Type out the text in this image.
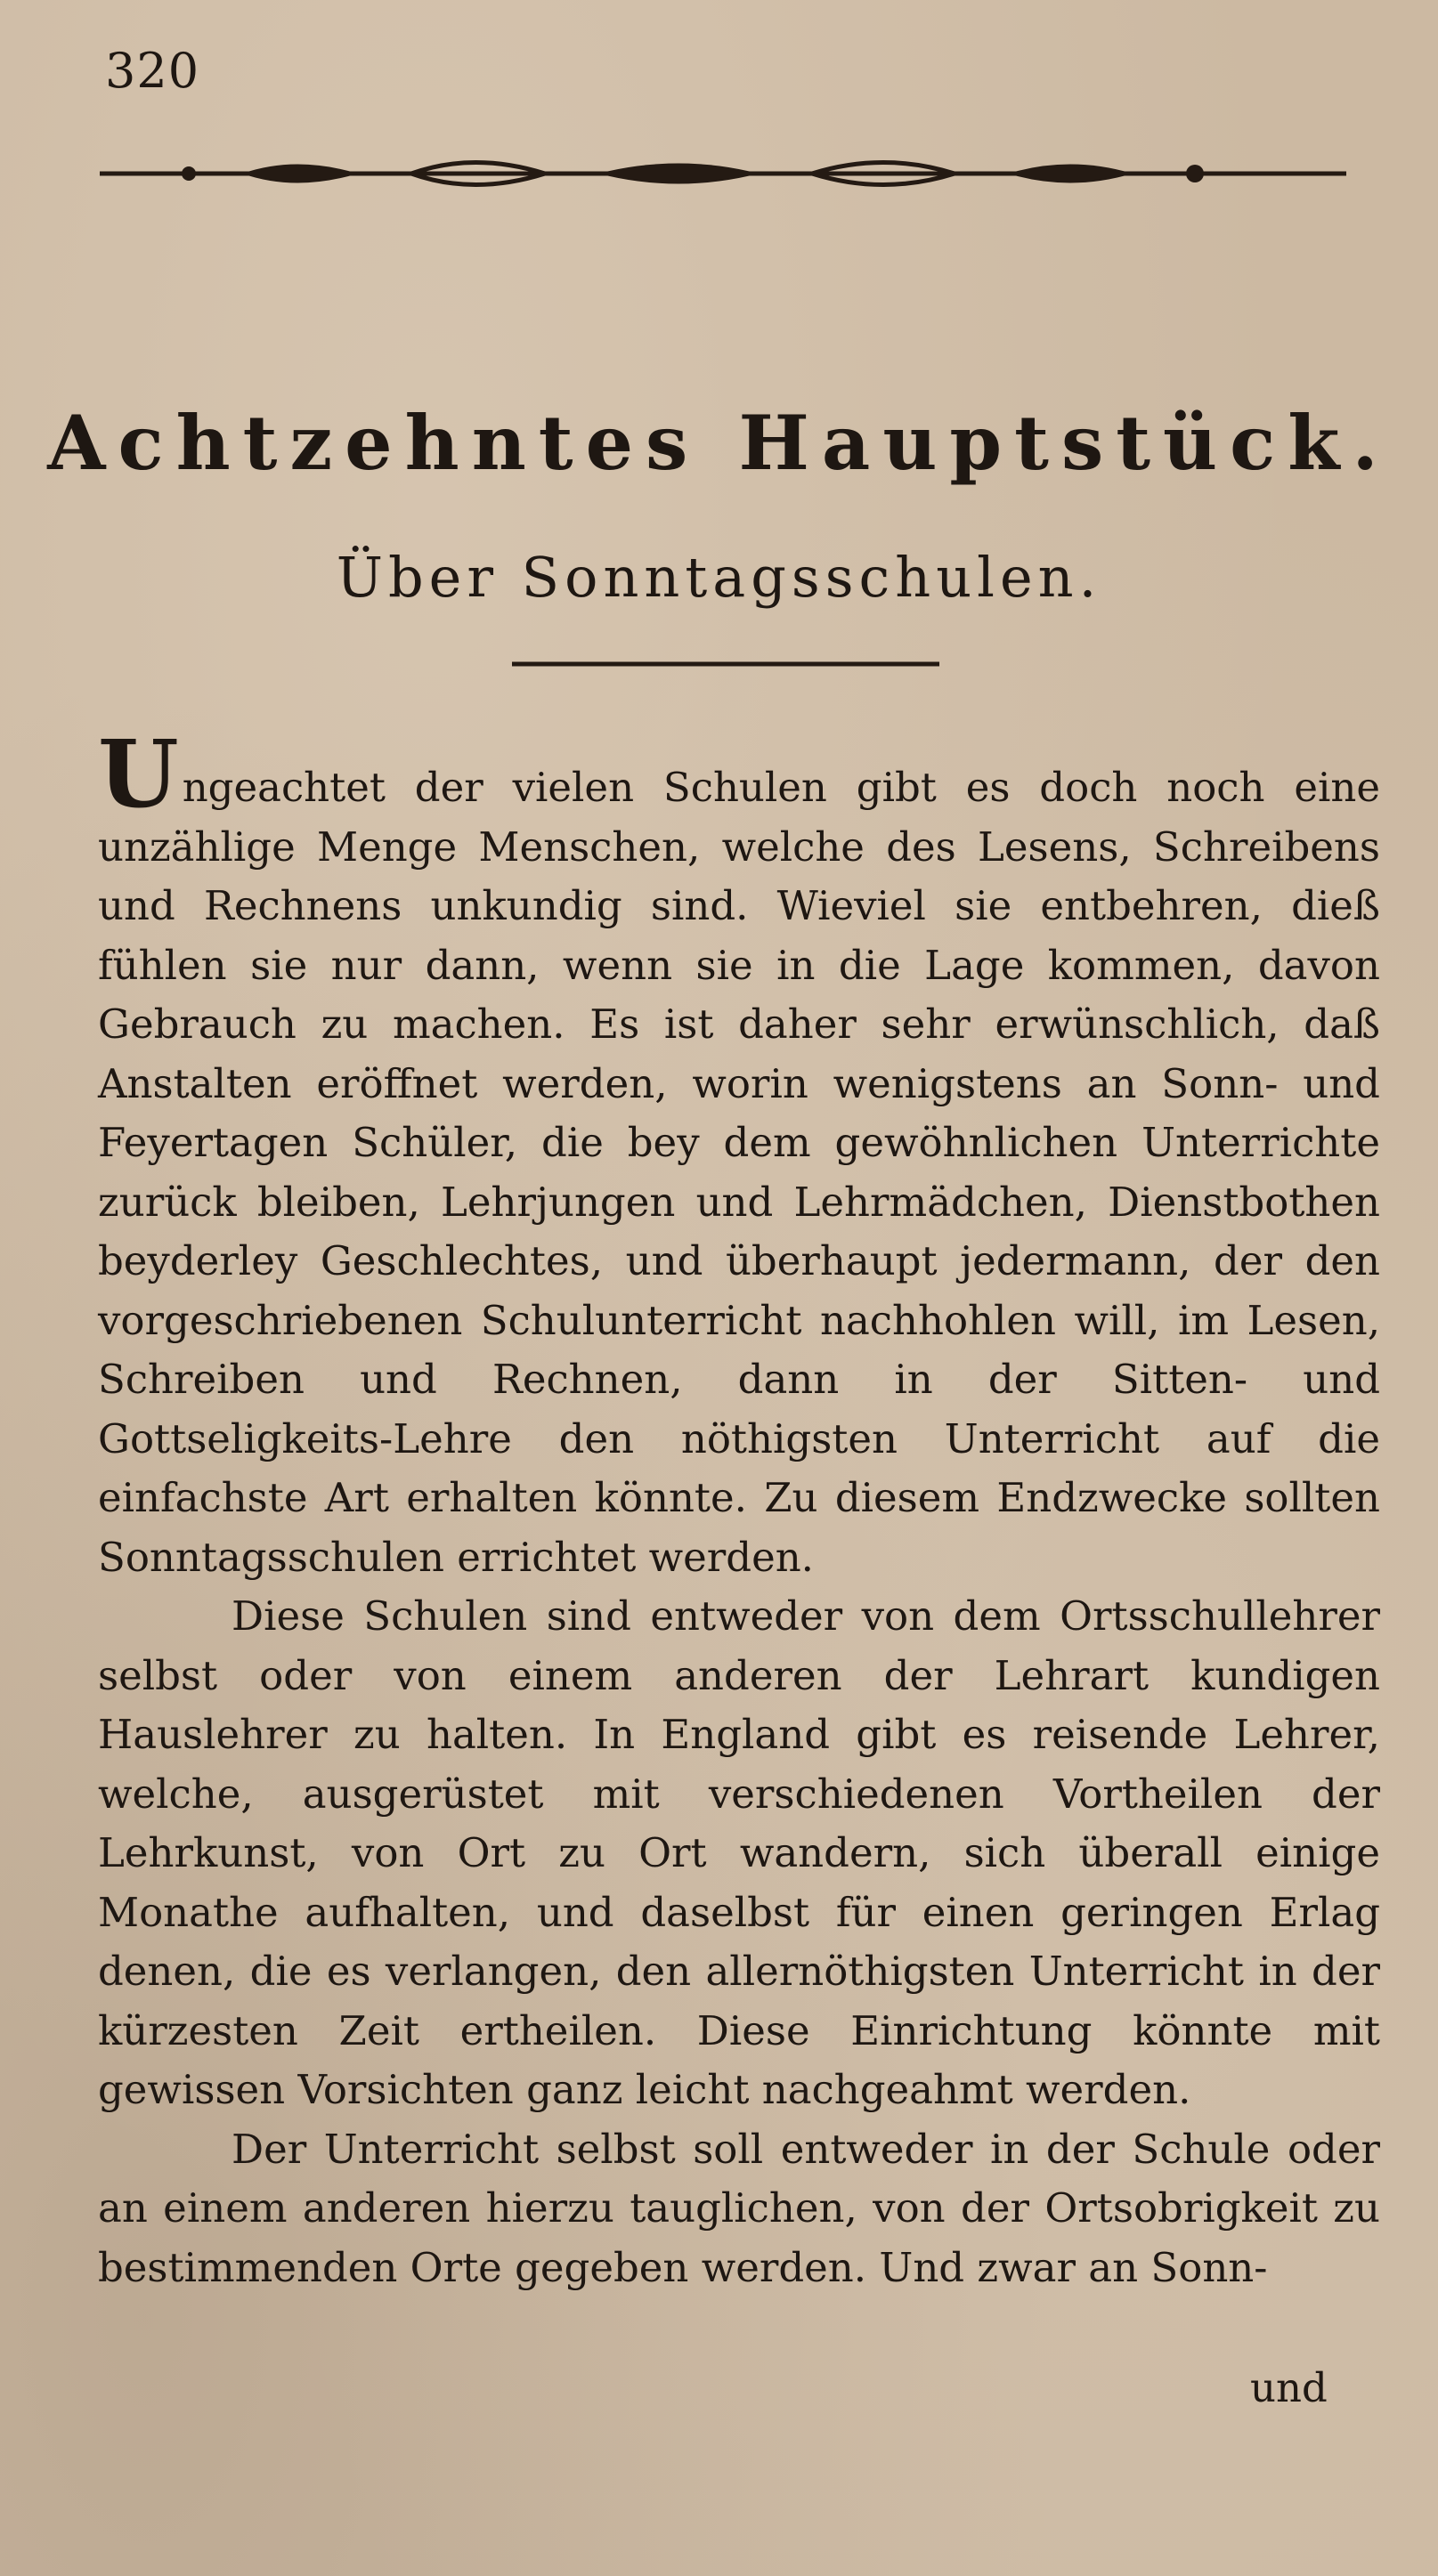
320
Achtzehntes Hauptstück.
Über Sonntagsschulen.

Ungeachtet der vielen Schulen gibt es doch noch eine unzählige Menge Menschen, welche des Lesens, Schreibens und Rechnens unkundig sind. Wieviel sie entbehren, dieß fühlen sie nur dann, wenn sie in die Lage kommen, davon Gebrauch zu machen. Es ist daher sehr erwünschlich, daß Anstalten eröffnet werden, worin wenigstens an Sonn- und Feyertagen Schüler, die bey dem gewöhnlichen Unterrichte zurück bleiben, Lehrjungen und Lehrmädchen, Dienstbothen beyderley Geschlechtes, und überhaupt jedermann, der den vorgeschriebenen Schulunterricht nachhohlen will, im Lesen, Schreiben und Rechnen, dann in der Sitten- und Gottseligkeits-Lehre den nöthigsten Unterricht auf die einfachste Art erhalten könnte. Zu diesem Endzwecke sollten Sonntagsschulen errichtet werden.

Diese Schulen sind entweder von dem Ortsschullehrer selbst oder von einem anderen der Lehrart kundigen Hauslehrer zu halten. In England gibt es reisende Lehrer, welche, ausgerüstet mit verschiedenen Vortheilen der Lehrkunst, von Ort zu Ort wandern, sich überall einige Monathe aufhalten, und daselbst für einen geringen Erlag denen, die es verlangen, den allernöthigsten Unterricht in der kürzesten Zeit ertheilen. Diese Einrichtung könnte mit gewissen Vorsichten ganz leicht nachgeahmt werden.

Der Unterricht selbst soll entweder in der Schule oder an einem anderen hierzu tauglichen, von der Ortsobrigkeit zu bestimmenden Orte gegeben werden. Und zwar an Sonn-

und
